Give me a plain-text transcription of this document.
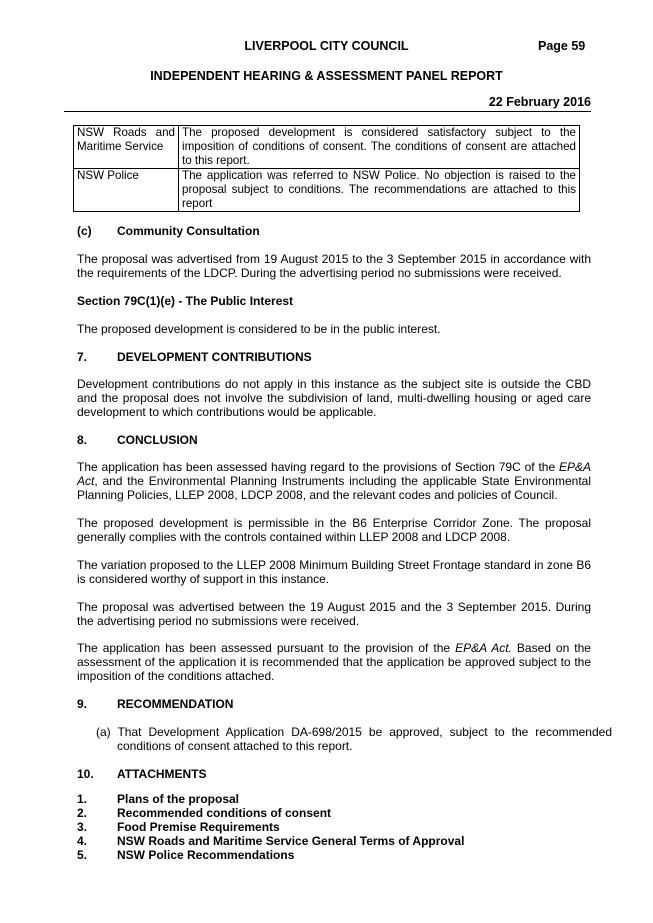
LIVERPOOL CITY COUNCIL	Page 59
INDEPENDENT HEARING & ASSESSMENT PANEL REPORT
22 February 2016
NSW Roads and Maritime Service	The proposed development is considered satisfactory subject to the imposition of conditions of consent. The conditions of consent are attached to this report.
NSW Police	The application was referred to NSW Police. No objection is raised to the proposal subject to conditions. The recommendations are attached to this report
(c) Community Consultation
The proposal was advertised from 19 August 2015 to the 3 September 2015 in accordance with the requirements of the LDCP. During the advertising period no submissions were received.
Section 79C(1)(e) - The Public Interest
The proposed development is considered to be in the public interest.
7. DEVELOPMENT CONTRIBUTIONS
Development contributions do not apply in this instance as the subject site is outside the CBD and the proposal does not involve the subdivision of land, multi-dwelling housing or aged care development to which contributions would be applicable.
8. CONCLUSION
The application has been assessed having regard to the provisions of Section 79C of the EP&A Act, and the Environmental Planning Instruments including the applicable State Environmental Planning Policies, LLEP 2008, LDCP 2008, and the relevant codes and policies of Council.
The proposed development is permissible in the B6 Enterprise Corridor Zone. The proposal generally complies with the controls contained within LLEP 2008 and LDCP 2008.
The variation proposed to the LLEP 2008 Minimum Building Street Frontage standard in zone B6 is considered worthy of support in this instance.
The proposal was advertised between the 19 August 2015 and the 3 September 2015. During the advertising period no submissions were received.
The application has been assessed pursuant to the provision of the EP&A Act. Based on the assessment of the application it is recommended that the application be approved subject to the imposition of the conditions attached.
9. RECOMMENDATION
(a) That Development Application DA-698/2015 be approved, subject to the recommended conditions of consent attached to this report.
10. ATTACHMENTS
1. Plans of the proposal
2. Recommended conditions of consent
3. Food Premise Requirements
4. NSW Roads and Maritime Service General Terms of Approval
5. NSW Police Recommendations
